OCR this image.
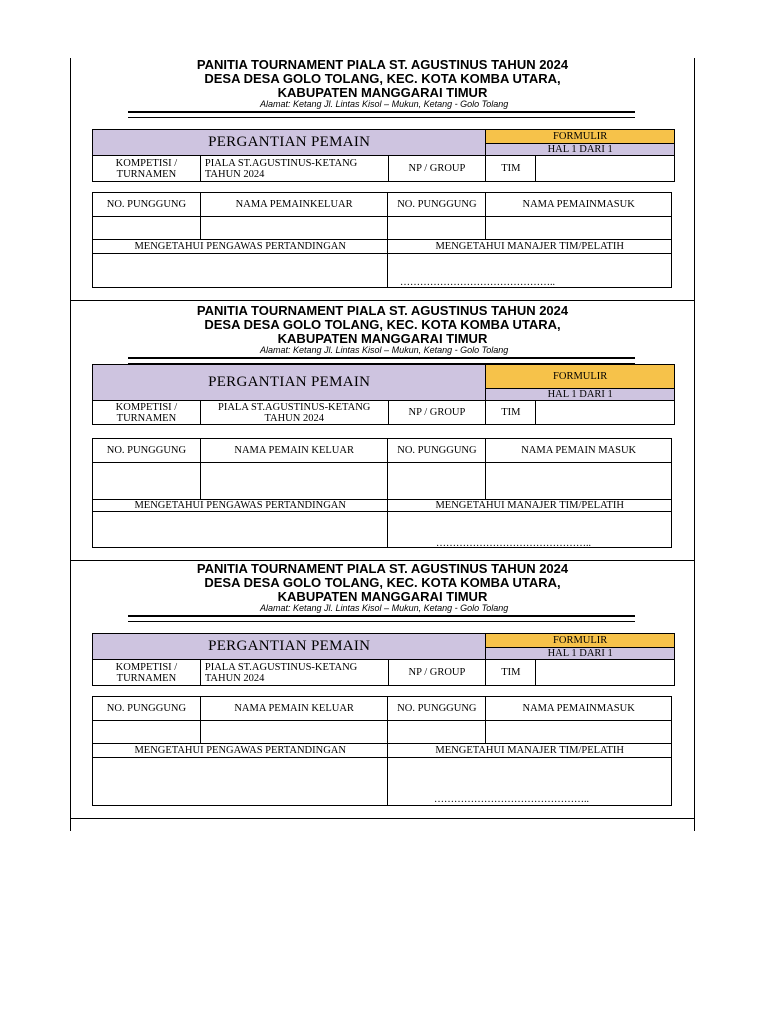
PANITIA TOURNAMENT PIALA ST. AGUSTINUS TAHUN 2024
DESA DESA GOLO TOLANG, KEC. KOTA KOMBA UTARA,
KABUPATEN MANGGARAI TIMUR
Alamat: Ketang Jl. Lintas Kisol – Mukun, Ketang - Golo Tolang
PERGANTIAN PEMAIN			FORMULIR	
			HAL 1 DARI 1	
KOMPETISI / TURNAMEN	PIALA ST.AGUSTINUS-KETANG TAHUN 2024	NP / GROUP	TIM	
NO. PUNGGUNG	NAMA PEMAINKELUAR	NO. PUNGGUNG	NAMA PEMAINMASUK

MENGETAHUI PENGAWAS PERTANDINGAN		MENGETAHUI MANAJER TIM/PELATIH	

………………………………………..
PANITIA TOURNAMENT PIALA ST. AGUSTINUS TAHUN 2024
DESA DESA GOLO TOLANG, KEC. KOTA KOMBA UTARA,
KABUPATEN MANGGARAI TIMUR
Alamat: Ketang Jl. Lintas Kisol – Mukun, Ketang - Golo Tolang
PERGANTIAN PEMAIN			FORMULIR	
			HAL 1 DARI 1	
KOMPETISI / TURNAMEN	PIALA ST.AGUSTINUS-KETANG TAHUN 2024	NP / GROUP	TIM	
NO. PUNGGUNG	NAMA PEMAIN KELUAR	NO. PUNGGUNG	NAMA PEMAIN MASUK

MENGETAHUI PENGAWAS PERTANDINGAN		MENGETAHUI MANAJER TIM/PELATIH	

………………………………………..
PANITIA TOURNAMENT PIALA ST. AGUSTINUS TAHUN 2024
DESA DESA GOLO TOLANG, KEC. KOTA KOMBA UTARA,
KABUPATEN MANGGARAI TIMUR
Alamat: Ketang Jl. Lintas Kisol – Mukun, Ketang - Golo Tolang
PERGANTIAN PEMAIN			FORMULIR	
			HAL 1 DARI 1	
KOMPETISI / TURNAMEN	PIALA ST.AGUSTINUS-KETANG TAHUN 2024	NP / GROUP	TIM	
NO. PUNGGUNG	NAMA PEMAIN KELUAR	NO. PUNGGUNG	NAMA PEMAINMASUK

MENGETAHUI PENGAWAS PERTANDINGAN		MENGETAHUI MANAJER TIM/PELATIH	

………………………………………..
